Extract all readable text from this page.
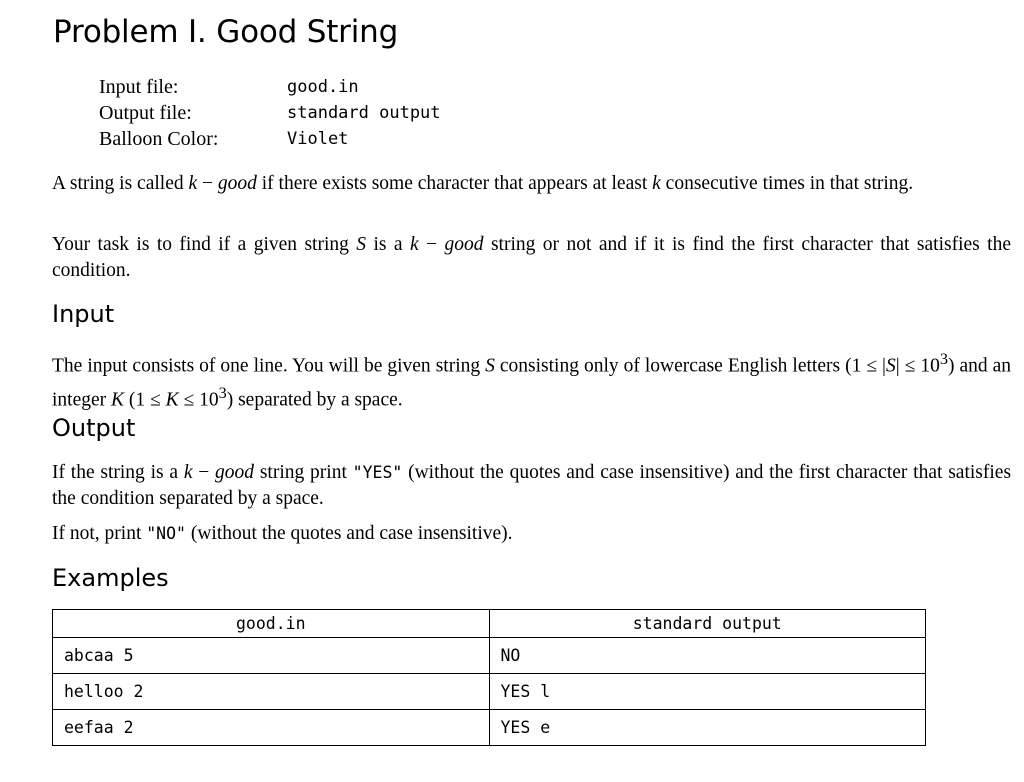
Problem I. Good String
Input file:	good.in
Output file:	standard output
Balloon Color:	Violet

A string is called k − good if there exists some character that appears at least k consecutive times in that string.

Your task is to find if a given string S is a k − good string or not and if it is find the first character that satisfies the condition.

Input

The input consists of one line. You will be given string S consisting only of lowercase English letters $(1 \le |S| \le 10^3)$ and an integer K $(1 \le K \le 10^3)$ separated by a space.

Output

If the string is a k − good string print "YES" (without the quotes and case insensitive) and the first character that satisfies the condition separated by a space.

If not, print "NO" (without the quotes and case insensitive).

Examples
good.in	standard output
abcaa 5	NO
helloo 2	YES l
eefaa 2	YES e
